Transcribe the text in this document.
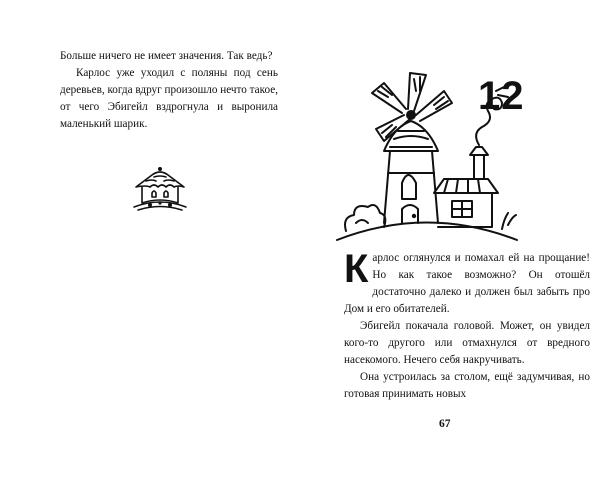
Больше ничего не имеет значения. Так ведь?

Карлос уже уходил с поляны под сень деревьев, когда вдруг произошло нечто такое, от чего Эбигейл вздрогнула и выронила маленький шарик.

12

Карлос оглянулся и помахал ей на прощание! Но как такое возможно? Он отошёл достаточно далеко и должен был забыть про Дом и его обитателей.

Эбигейл покачала головой. Может, он увидел кого-то другого или отмахнулся от вредного насекомого. Нечего себя накручивать.

Она устроилась за столом, ещё задумчивая, но готовая принимать новых

67
